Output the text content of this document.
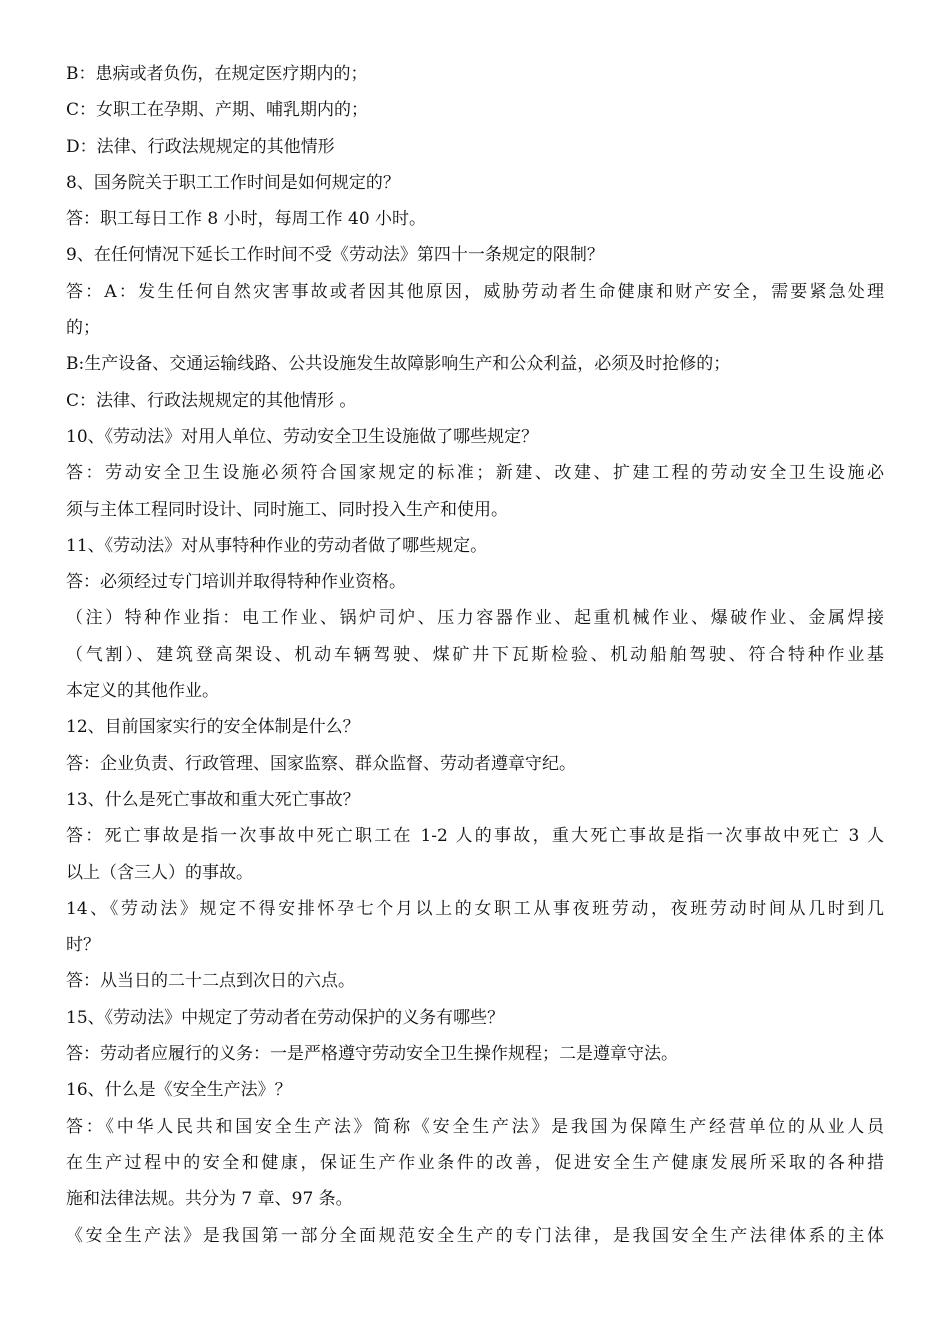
B：患病或者负伤，在规定医疗期内的；

C：女职工在孕期、产期、哺乳期内的；

D：法律、行政法规规定的其他情形

8、国务院关于职工工作时间是如何规定的？

答：职工每日工作 8 小时，每周工作 40 小时。

9、在任何情况下延长工作时间不受《劳动法》第四十一条规定的限制？

答：A：发生任何自然灾害事故或者因其他原因，威胁劳动者生命健康和财产安全，需要紧急处理

的；

B:生产设备、交通运输线路、公共设施发生故障影响生产和公众利益，必须及时抢修的；

C：法律、行政法规规定的其他情形 。

10、《劳动法》对用人单位、劳动安全卫生设施做了哪些规定？

答：劳动安全卫生设施必须符合国家规定的标准；新建、改建、扩建工程的劳动安全卫生设施必

须与主体工程同时设计、同时施工、同时投入生产和使用。

11、《劳动法》对从事特种作业的劳动者做了哪些规定。

答：必须经过专门培训并取得特种作业资格。

（注）特种作业指：电工作业、锅炉司炉、压力容器作业、起重机械作业、爆破作业、金属焊接

（气割）、建筑登高架设、机动车辆驾驶、煤矿井下瓦斯检验、机动船舶驾驶、符合特种作业基

本定义的其他作业。

12、目前国家实行的安全体制是什么？

答：企业负责、行政管理、国家监察、群众监督、劳动者遵章守纪。

13、什么是死亡事故和重大死亡事故？

答：死亡事故是指一次事故中死亡职工在 1-2 人的事故，重大死亡事故是指一次事故中死亡 3 人

以上（含三人）的事故。

14、《劳动法》规定不得安排怀孕七个月以上的女职工从事夜班劳动，夜班劳动时间从几时到几

时？

答：从当日的二十二点到次日的六点。

15、《劳动法》中规定了劳动者在劳动保护的义务有哪些？

答：劳动者应履行的义务：一是严格遵守劳动安全卫生操作规程；二是遵章守法。

16、什么是《安全生产法》？

答：《中华人民共和国安全生产法》简称《安全生产法》是我国为保障生产经营单位的从业人员

在生产过程中的安全和健康，保证生产作业条件的改善，促进安全生产健康发展所采取的各种措

施和法律法规。共分为 7 章、97 条。

《安全生产法》是我国第一部分全面规范安全生产的专门法律，是我国安全生产法律体系的主体
